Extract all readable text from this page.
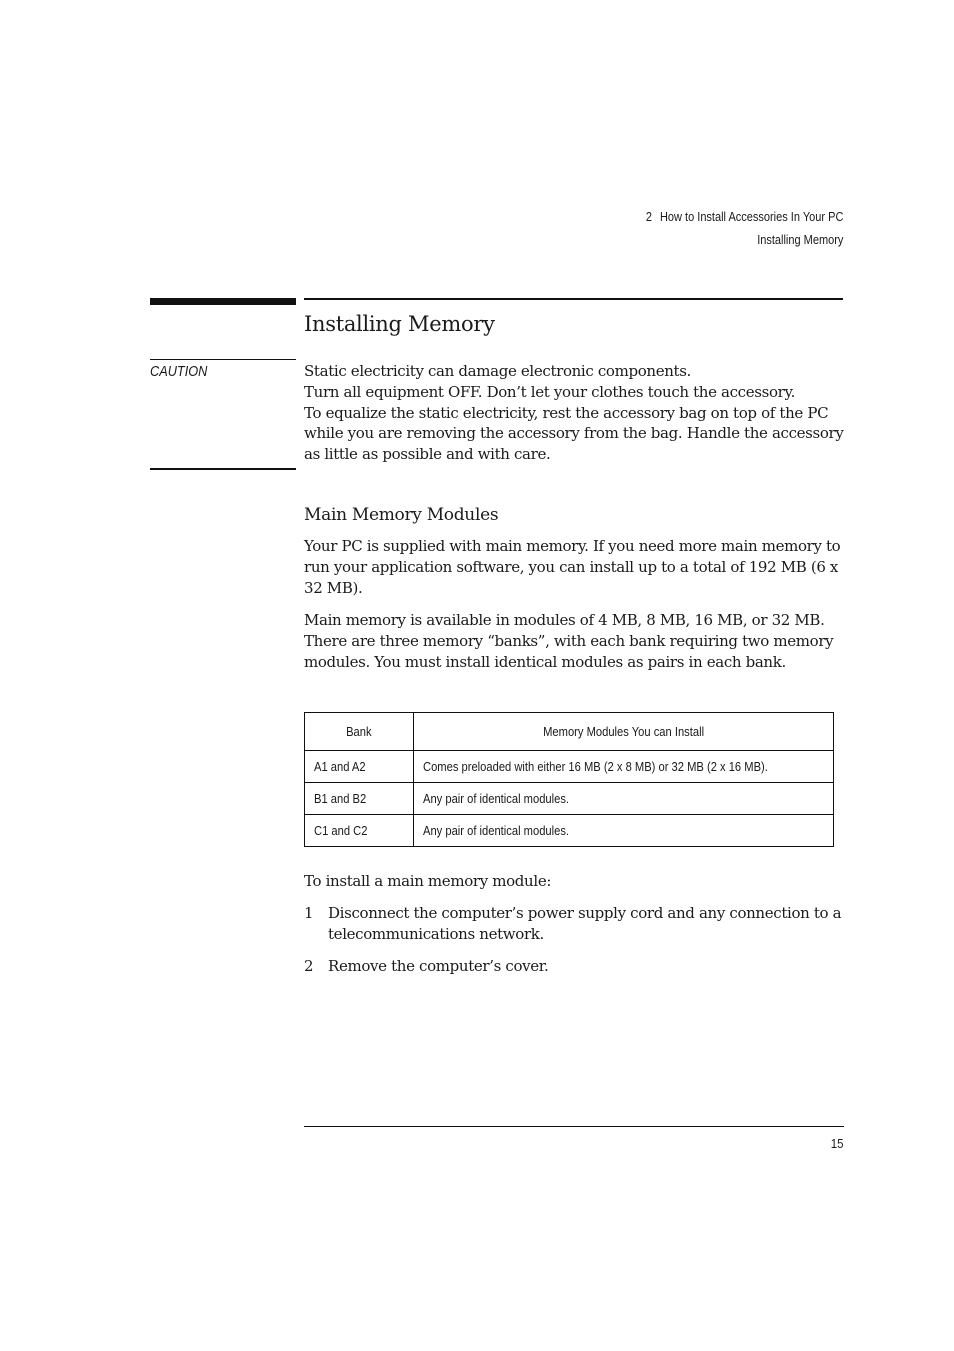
2 How to Install Accessories In Your PC
Installing Memory
Installing Memory
CAUTION	Static electricity can damage electronic components.

Turn all equipment OFF. Don’t let your clothes touch the accessory.

To equalize the static electricity, rest the accessory bag on top of the PC while you are removing the accessory from the bag. Handle the accessory as little as possible and with care.

Main Memory Modules

Your PC is supplied with main memory. If you need more main memory to run your application software, you can install up to a total of 192 MB (6 x 32 MB).

Main memory is available in modules of 4 MB, 8 MB, 16 MB, or 32 MB. There are three memory “banks”, with each bank requiring two memory modules. You must install identical modules as pairs in each bank.

Bank	Memory Modules You can Install
A1 and A2	Comes preloaded with either 16 MB (2 x 8 MB) or 32 MB (2 x 16 MB).
B1 and B2	Any pair of identical modules.
C1 and C2	Any pair of identical modules.

To install a main memory module:

1 Disconnect the computer’s power supply cord and any connection to a telecommunications network.
2 Remove the computer’s cover.
15
